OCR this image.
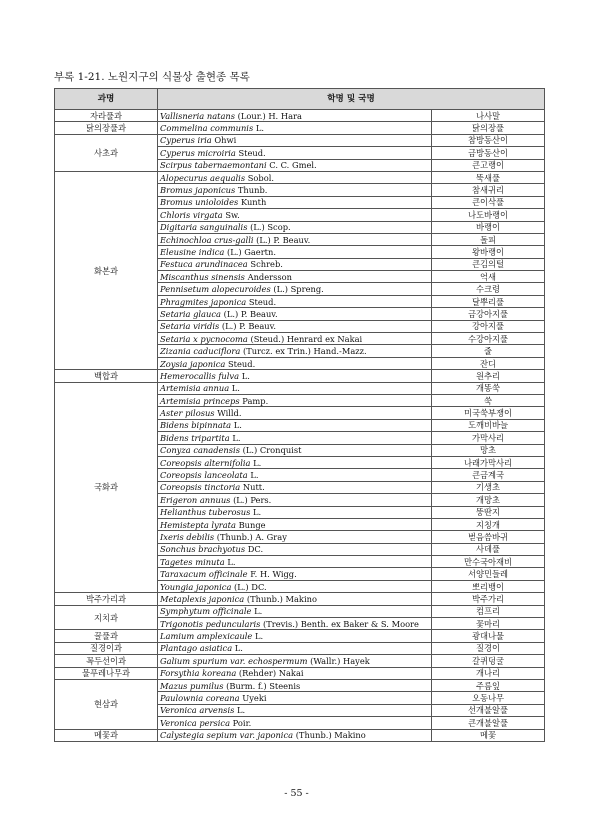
부록 1-21. 노원지구의 식물상 출현종 목록
과명	학명 및 국명	
자라풀과	Vallisneria natans (Lour.) H. Hara	나사말
닭의장풀과	Commelina communis L.	닭의장풀
사초과	Cyperus iria Ohwi	참방동산이
	Cyperus microiria Steud.	금방동산이
	Scirpus tabernaemontani C. C. Gmel.	큰고랭이
화본과	Alopecurus aequalis Sobol.	뚝새풀
	Bromus japonicus Thunb.	참새귀리
	Bromus unioloides Kunth	큰이삭풀
	Chloris virgata Sw.	나도바랭이
	Digitaria sanguinalis (L.) Scop.	바랭이
	Echinochloa crus-galli (L.) P. Beauv.	돌피
	Eleusine indica (L.) Gaertn.	왕바랭이
	Festuca arundinacea Schreb.	큰김의털
	Miscanthus sinensis Andersson	억새
	Pennisetum alopecuroides (L.) Spreng.	수크령
	Phragmites japonica Steud.	달뿌리풀
	Setaria glauca (L.) P. Beauv.	금강아지풀
	Setaria viridis (L.) P. Beauv.	강아지풀
	Setaria x pycnocoma (Steud.) Henrard ex Nakai	수강아지풀
	Zizania caduciflora (Turcz. ex Trin.) Hand.-Mazz.	줄
	Zoysia japonica Steud.	잔디
백합과	Hemerocallis fulva L.	원추리
국화과	Artemisia annua L.	개똥쑥
	Artemisia princeps Pamp.	쑥
	Aster pilosus Willd.	미국쑥부쟁이
	Bidens bipinnata L.	도깨비바늘
	Bidens tripartita L.	가막사리
	Conyza canadensis (L.) Cronquist	망초
	Coreopsis alternifolia L.	나래가막사리
	Coreopsis lanceolata L.	큰금계국
	Coreopsis tinctoria Nutt.	기생초
	Erigeron annuus (L.) Pers.	개망초
	Helianthus tuberosus L.	뚱딴지
	Hemistepta lyrata Bunge	지칭개
	Ixeris debilis (Thunb.) A. Gray	벋음씀바귀
	Sonchus brachyotus DC.	사데풀
	Tagetes minuta L.	만수국아재비
	Taraxacum officinale F. H. Wigg.	서양민들레
	Youngia japonica (L.) DC.	뽀리뱅이
박주가리과	Metaplexis japonica (Thunb.) Makino	박주가리
지치과	Symphytum officinale L.	컴프리
	Trigonotis peduncularis (Trevis.) Benth. ex Baker & S. Moore	꽃마리
꿀풀과	Lamium amplexicaule L.	광대나물
질경이과	Plantago asiatica L.	질경이
꼭두선이과	Galium spurium var. echospermum (Wallr.) Hayek	갈퀴덩굴
물푸레나무과	Forsythia koreana (Rehder) Nakai	개나리
현삼과	Mazus pumilus (Burm. f.) Steenis	주름잎
	Paulownia coreana Uyeki	오동나무
	Veronica arvensis L.	선개불알풀
	Veronica persica Poir.	큰개불알풀
메꽃과	Calystegia sepium var. japonica (Thunb.) Makino	메꽃
- 55 -
